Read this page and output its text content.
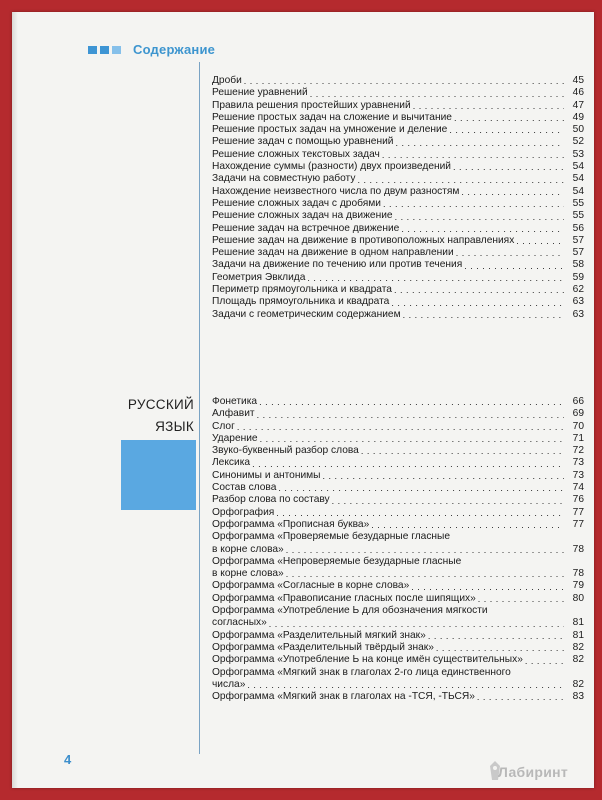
Содержание
Дроби . . .	45
Решение уравнений . . .	46
Правила решения простейших уравнений . . .	47
Решение простых задач на сложение и вычитание . . .	49
Решение простых задач на умножение и деление . . .	50
Решение задач с помощью уравнений . . .	52
Решение сложных текстовых задач . . .	53
Нахождение суммы (разности) двух произведений . . .	54
Задачи на совместную работу . . .	54
Нахождение неизвестного числа по двум разностям . . .	54
Решение сложных задач с дробями . . .	55
Решение сложных задач на движение . . .	55
Решение задач на встречное движение . . .	56
Решение задач на движение в противоположных направлениях . . .	57
Решение задач на движение в одном направлении . . .	57
Задачи на движение по течению или против течения . . .	58
Геометрия Эвклида . . .	59
Периметр прямоугольника и квадрата . . .	62
Площадь прямоугольника и квадрата . . .	63
Задачи с геометрическим содержанием . . .	63
РУССКИЙ
ЯЗЫК
Фонетика . . .	66
Алфавит . . .	69
Слог . . .	70
Ударение . . .	71
Звуко-буквенный разбор слова . . .	72
Лексика . . .	73
Синонимы и антонимы . . .	73
Состав слова . . .	74
Разбор слова по составу . . .	76
Орфография . . .	77
Орфограмма «Прописная буква» . . .	77
Орфограмма «Проверяемые безударные гласные
в корне слова» . . .	78
Орфограмма «Непроверяемые безударные гласные
в корне слова» . . .	78
Орфограмма «Согласные в корне слова» . . .	79
Орфограмма «Правописание гласных после шипящих» . . .	80
Орфограмма «Употребление Ь для обозначения мягкости
согласных» . . .	81
Орфограмма «Разделительный мягкий знак» . . .	81
Орфограмма «Разделительный твёрдый знак» . . .	82
Орфограмма «Употребление Ь на конце имён существительных» . . .	82
Орфограмма «Мягкий знак в глаголах 2-го лица единственного
числа» . . .	82
Орфограмма «Мягкий знак в глаголах на -ТСЯ, -ТЬСЯ» . . .	83
4
Лабиринт
